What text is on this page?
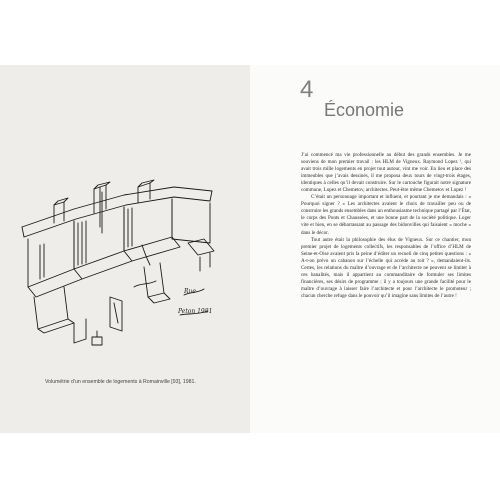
Rue
Peton 1981
Volumétrie d’un ensemble de logements à Romainville [93], 1981.
4
Économie

J’ai commencé ma vie professionnelle au début des grands ensembles. Je me souviens de mon premier travail : les HLM de Vigneux. Raymond Lopez ¹, qui avait trois mille logements en projet tout autour, vint me voir. En lieu et place des immeubles que j’avais dessinés, il me proposa deux tours de vingt-trois étages, identiques à celles qu’il devait construire. Sur le cartouche figurait notre signature commune, Lopez et Chemetov, architectes. Peut-être même Chemetov et Lopez !

C’était un personnage important et influent, et pourtant je me demandais : « Pourquoi signer ? » Les architectes avaient le choix de travailler peu ou de construire les grands ensembles dans un enthousiasme technique partagé par l’État, le corps des Ponts et Chaussées, et une bonne part de la société politique. Loger vite et bien, en se débarrassant au passage des bidonvilles qui faisaient « moche » dans le décor.

Tout autre était la philosophie des élus de Vigneux. Sur ce chantier, mon premier projet de logements collectifs, les responsables de l’office d’HLM de Seine-et-Oise avaient pris la peine d’éditer un recueil de cinq petites questions : « A-t-on prévu un cabanon sur l’échelle qui accède au toit ? », demandaient-ils. Certes, les relations du maître d’ouvrage et de l’architecte ne peuvent se limiter à ces banalités, mais il appartient au commanditaire de formuler ses limites financières, ses désirs de programme ; il y a toujours une grande facilité pour le maître d’ouvrage à laisser faire l’architecte et pour l’architecte le promoteur ; chacun cherche refuge dans le pouvoir qu’il imagine sans limites de l’autre !
